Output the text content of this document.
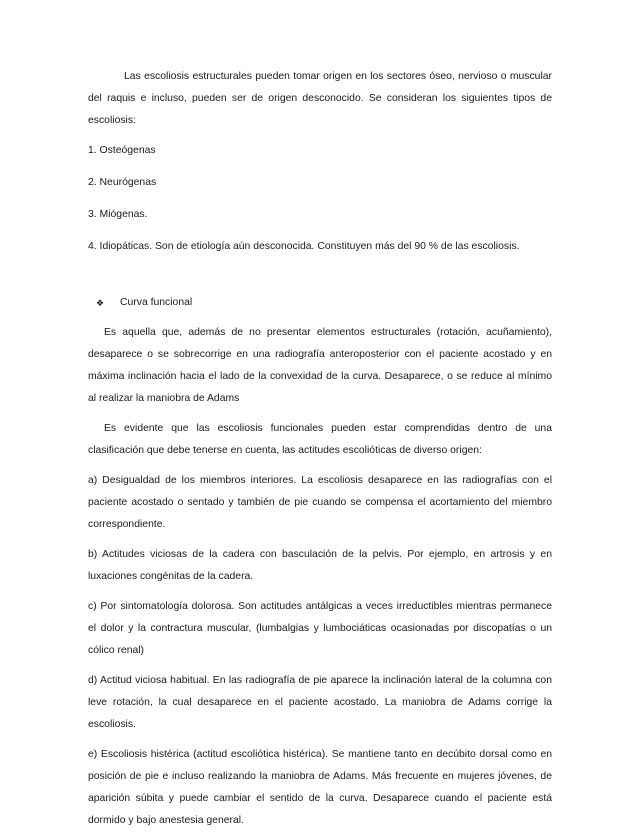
Las escoliosis estructurales pueden tomar origen en los sectores óseo, nervioso o muscular del raquis e incluso, pueden ser de origen desconocido. Se consideran los siguientes tipos de escoliosis:

1. Osteógenas

2. Neurógenas

3. Miógenas.

4. Idiopáticas. Son de etiología aún desconocida. Constituyen más del 90 % de las escoliosis.

❖ Curva funcional

Es aquella que, además de no presentar elementos estructurales (rotación, acuñamiento), desaparece o se sobrecorrige en una radiografía anteroposterior con el paciente acostado y en máxima inclinación hacia el lado de la convexidad de la curva. Desaparece, o se reduce al mínimo al realizar la maniobra de Adams

Es evidente que las escoliosis funcionales pueden estar comprendidas dentro de una clasificación que debe tenerse en cuenta, las actitudes escolióticas de diverso origen:

a) Desigualdad de los miembros interiores. La escoliosis desaparece en las radiografías con el paciente acostado o sentado y también de pie cuando se compensa el acortamiento del miembro correspondiente.

b) Actitudes viciosas de la cadera con basculación de la pelvis. Por ejemplo, en artrosis y en luxaciones congénitas de la cadera.

c) Por sintomatología dolorosa. Son actitudes antálgicas a veces irreductibles mientras permanece el dolor y la contractura muscular, (lumbalgias y lumbociáticas ocasionadas por discopatías o un cólico renal)

d) Actitud viciosa habitual. En las radiografía de pie aparece la inclinación lateral de la columna con leve rotación, la cual desaparece en el paciente acostado. La maniobra de Adams corrige la escoliosis.

e) Escoliosis histérica (actitud escoliótica histérica). Se mantiene tanto en decúbito dorsal como en posición de pie e incluso realizando la maniobra de Adams. Más frecuente en mujeres jóvenes, de aparición súbita y puede cambiar el sentido de la curva. Desaparece cuando el paciente está dormido y bajo anestesia general.
